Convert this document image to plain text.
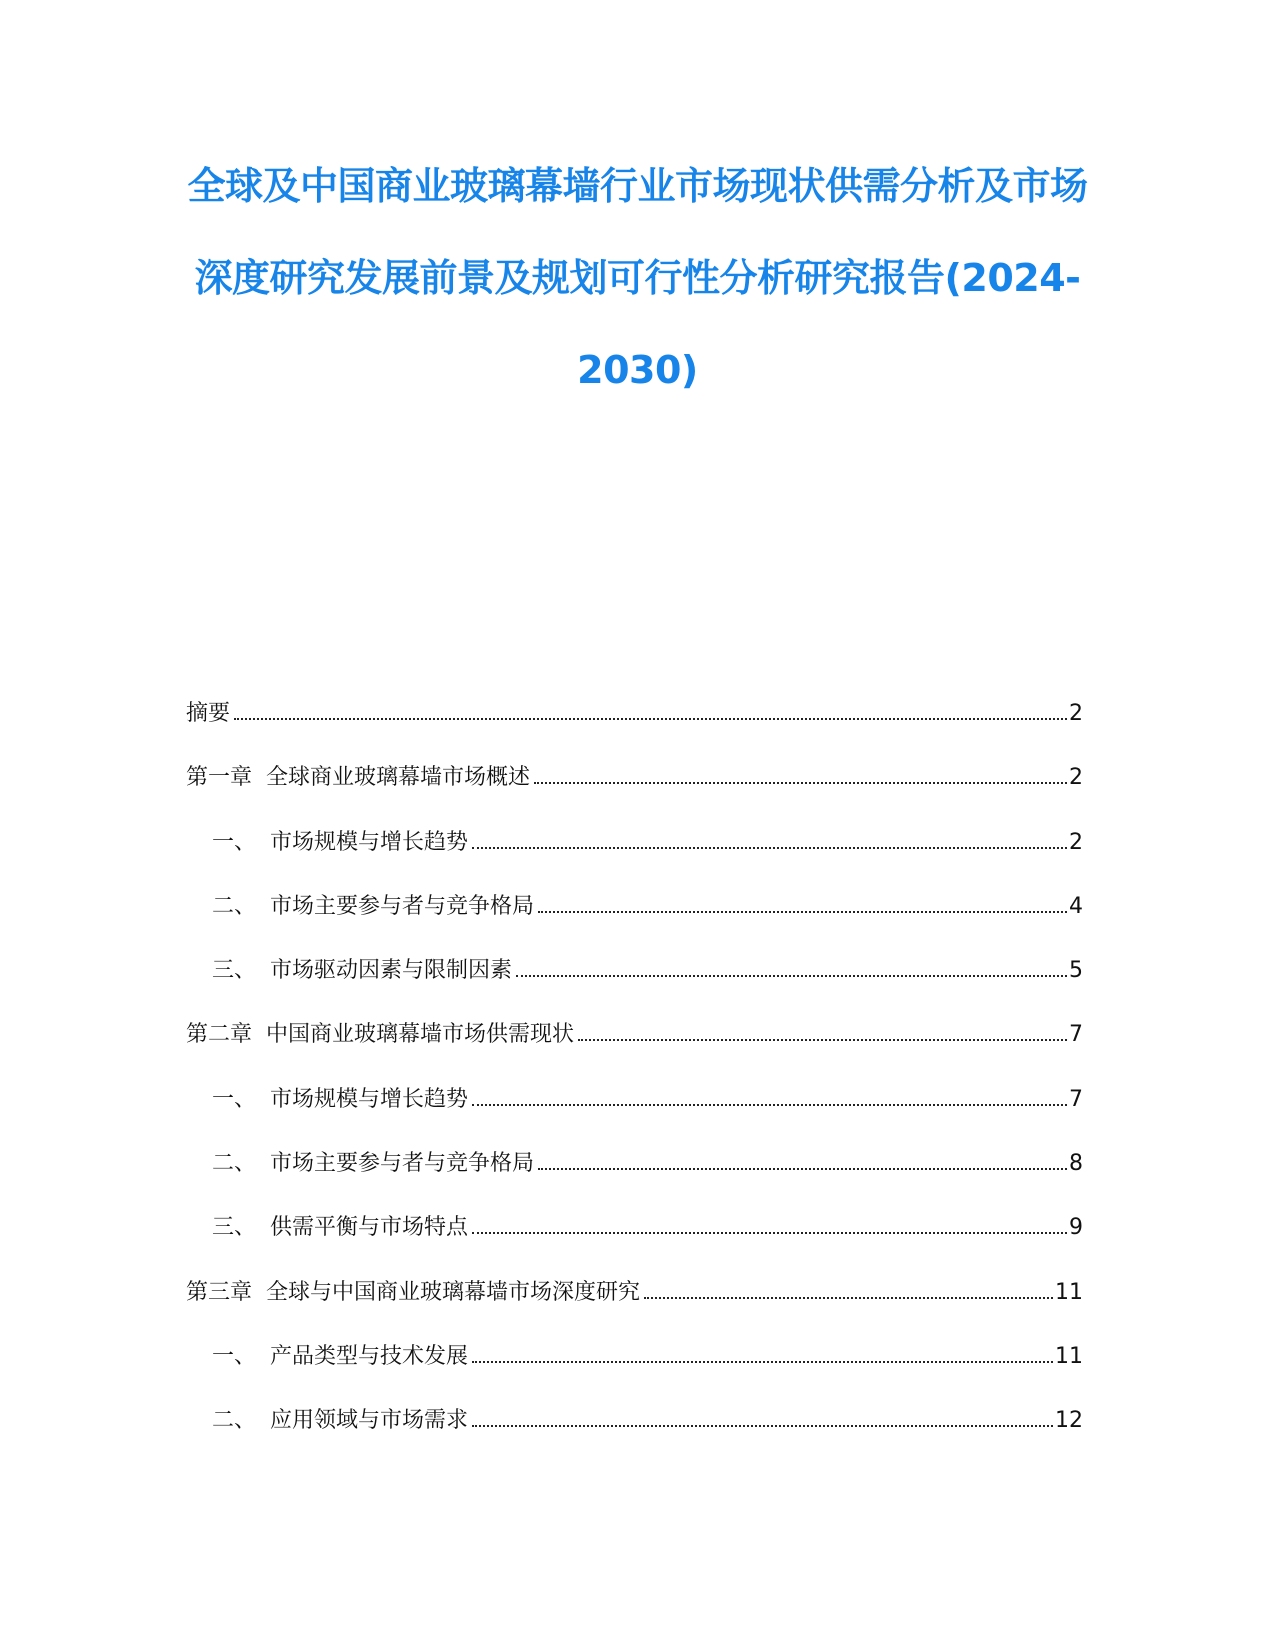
全球及中国商业玻璃幕墙行业市场现状供需分析及市场
深度研究发展前景及规划可行性分析研究报告(2024-
2030)
摘要	2
第一章 全球商业玻璃幕墙市场概述	2
一、 市场规模与增长趋势	2
二、 市场主要参与者与竞争格局	4
三、 市场驱动因素与限制因素	5
第二章 中国商业玻璃幕墙市场供需现状	7
一、 市场规模与增长趋势	7
二、 市场主要参与者与竞争格局	8
三、 供需平衡与市场特点	9
第三章 全球与中国商业玻璃幕墙市场深度研究	11
一、 产品类型与技术发展	11
二、 应用领域与市场需求	12
